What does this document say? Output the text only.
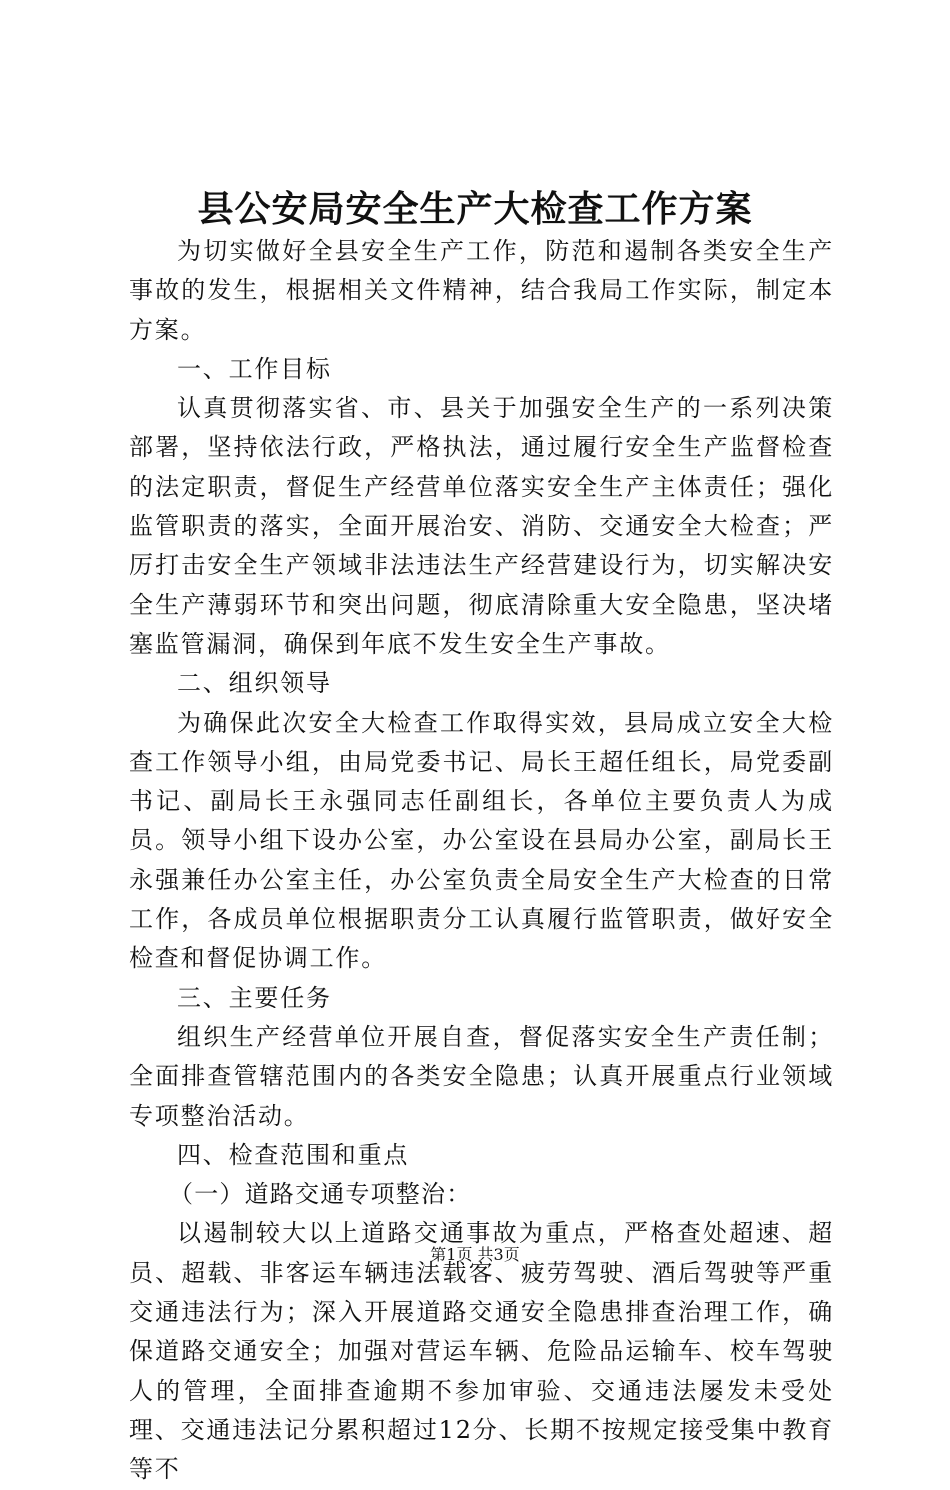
县公安局安全生产大检查工作方案

为切实做好全县安全生产工作，防范和遏制各类安全生产事故的发生，根据相关文件精神，结合我局工作实际，制定本方案。

一、工作目标

认真贯彻落实省、市、县关于加强安全生产的一系列决策部署，坚持依法行政，严格执法，通过履行安全生产监督检查的法定职责，督促生产经营单位落实安全生产主体责任；强化监管职责的落实，全面开展治安、消防、交通安全大检查；严厉打击安全生产领域非法违法生产经营建设行为，切实解决安全生产薄弱环节和突出问题，彻底清除重大安全隐患，坚决堵塞监管漏洞，确保到年底不发生安全生产事故。

二、组织领导

为确保此次安全大检查工作取得实效，县局成立安全大检查工作领导小组，由局党委书记、局长王超任组长，局党委副书记、副局长王永强同志任副组长，各单位主要负责人为成员。领导小组下设办公室，办公室设在县局办公室，副局长王永强兼任办公室主任，办公室负责全局安全生产大检查的日常工作，各成员单位根据职责分工认真履行监管职责，做好安全检查和督促协调工作。

三、主要任务

组织生产经营单位开展自查，督促落实安全生产责任制；全面排查管辖范围内的各类安全隐患；认真开展重点行业领域专项整治活动。

四、检查范围和重点

（一）道路交通专项整治：

以遏制较大以上道路交通事故为重点，严格查处超速、超员、超载、非客运车辆违法载客、疲劳驾驶、酒后驾驶等严重交通违法行为；深入开展道路交通安全隐患排查治理工作，确保道路交通安全；加强对营运车辆、危险品运输车、校车驾驶人的管理，全面排查逾期不参加审验、交通违法屡发未受处理、交通违法记分累积超过12分、长期不按规定接受集中教育等不

第1页 共3页
